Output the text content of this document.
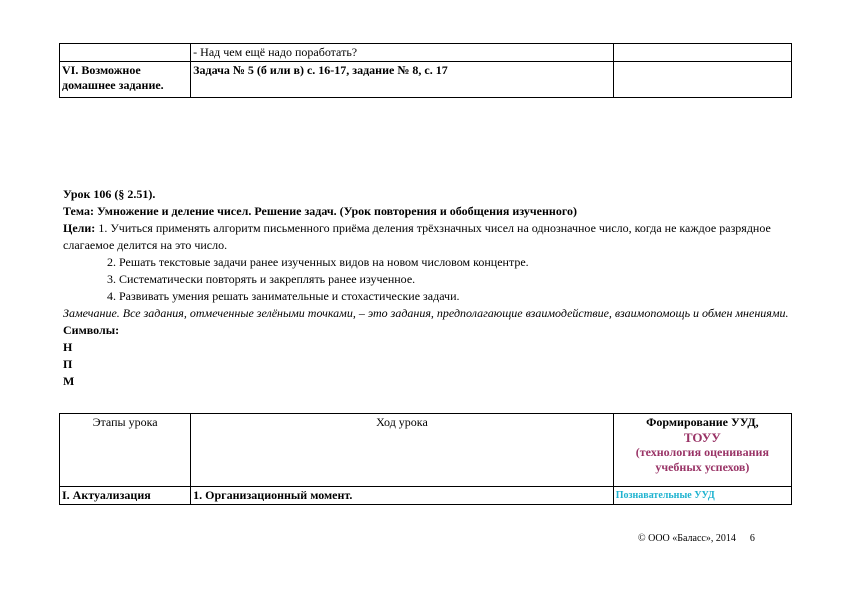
	- Над чем ещё надо поработать?	
VI. Возможное домашнее задание.	Задача № 5 (б или в) с. 16-17, задание № 8, с. 17	

Урок 106 (§ 2.51).

Тема: Умножение и деление чисел. Решение задач. (Урок повторения и обобщения изученного)

Цели: 1. Учиться применять алгоритм письменного приёма деления трёхзначных чисел на однозначное число, когда не каждое разрядное слагаемое делится на это число.

2. Решать текстовые задачи ранее изученных видов на новом числовом концентре.

3. Систематически повторять и закреплять ранее изученное.

4. Развивать умения решать занимательные и стохастические задачи.

Замечание. Все задания, отмеченные зелёными точками, – это задания, предполагающие взаимодействие, взаимопомощь и обмен мнениями.

Символы:

Н

П

М

Этапы урока	Ход урока	Формирование УУД,
ТОУУ
(технология оценивания учебных успехов)

I. Актуализация	1. Организационный момент.	Познавательные УУД
© ООО «Баласс», 2014 6
